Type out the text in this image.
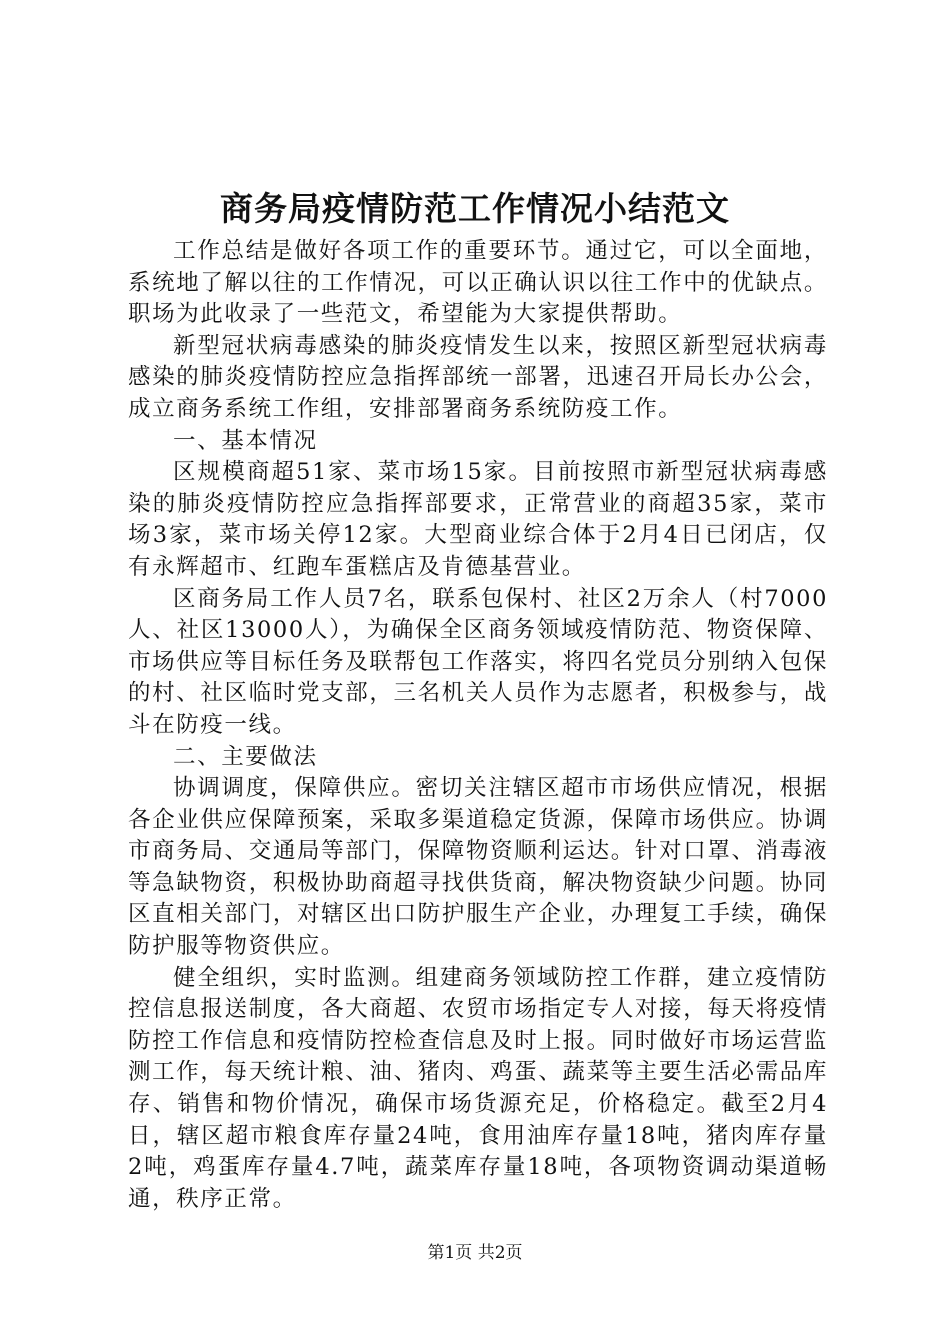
商务局疫情防范工作情况小结范文

工作总结是做好各项工作的重要环节。通过它，可以全面地，系统地了解以往的工作情况，可以正确认识以往工作中的优缺点。职场为此收录了一些范文，希望能为大家提供帮助。

新型冠状病毒感染的肺炎疫情发生以来，按照区新型冠状病毒感染的肺炎疫情防控应急指挥部统一部署，迅速召开局长办公会，成立商务系统工作组，安排部署商务系统防疫工作。

一、基本情况

区规模商超51家、菜市场15家。目前按照市新型冠状病毒感染的肺炎疫情防控应急指挥部要求，正常营业的商超35家，菜市场3家，菜市场关停12家。大型商业综合体于2月4日已闭店，仅有永辉超市、红跑车蛋糕店及肯德基营业。

区商务局工作人员7名，联系包保村、社区2万余人（村7000人、社区13000人），为确保全区商务领域疫情防范、物资保障、市场供应等目标任务及联帮包工作落实，将四名党员分别纳入包保的村、社区临时党支部，三名机关人员作为志愿者，积极参与，战斗在防疫一线。

二、主要做法

协调调度，保障供应。密切关注辖区超市市场供应情况，根据各企业供应保障预案，采取多渠道稳定货源，保障市场供应。协调市商务局、交通局等部门，保障物资顺利运达。针对口罩、消毒液等急缺物资，积极协助商超寻找供货商，解决物资缺少问题。协同区直相关部门，对辖区出口防护服生产企业，办理复工手续，确保防护服等物资供应。

健全组织，实时监测。组建商务领域防控工作群，建立疫情防控信息报送制度，各大商超、农贸市场指定专人对接，每天将疫情防控工作信息和疫情防控检查信息及时上报。同时做好市场运营监测工作，每天统计粮、油、猪肉、鸡蛋、蔬菜等主要生活必需品库存、销售和物价情况，确保市场货源充足，价格稳定。截至2月4日，辖区超市粮食库存量24吨，食用油库存量18吨，猪肉库存量2吨，鸡蛋库存量4.7吨，蔬菜库存量18吨，各项物资调动渠道畅通，秩序正常。

第1页 共2页
